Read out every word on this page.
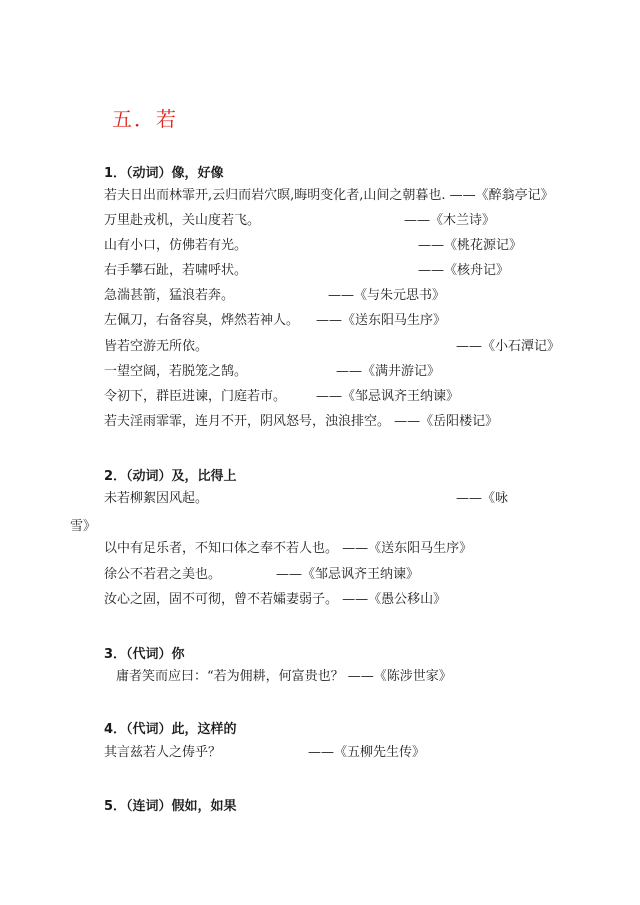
五．若
1．（动词）像，好像
若夫日出而林霏开,云归而岩穴暝,晦明变化者,山间之朝暮也. ——《醉翁亭记》
万里赴戎机，关山度若飞。	——《木兰诗》
山有小口，仿佛若有光。	——《桃花源记》
右手攀石趾，若啸呼状。	——《核舟记》
急湍甚箭，猛浪若奔。	——《与朱元思书》
左佩刀，右备容臭，烨然若神人。 ——《送东阳马生序》
皆若空游无所依。	——《小石潭记》
一望空阔，若脱笼之鹄。	——《满井游记》
令初下，群臣进谏，门庭若市。 ——《邹忌讽齐王纳谏》
若夫淫雨霏霏，连月不开，阴风怒号，浊浪排空。 ——《岳阳楼记》
2．（动词）及，比得上
未若柳絮因风起。	——《咏
雪》
以中有足乐者，不知口体之奉不若人也。 ——《送东阳马生序》
徐公不若君之美也。	——《邹忌讽齐王纳谏》
汝心之固，固不可彻，曾不若孀妻弱子。 ——《愚公移山》
3．（代词）你
庸者笑而应曰：“若为佣耕，何富贵也？ ——《陈涉世家》
4．（代词）此，这样的
其言兹若人之俦乎？	——《五柳先生传》
5．（连词）假如，如果
